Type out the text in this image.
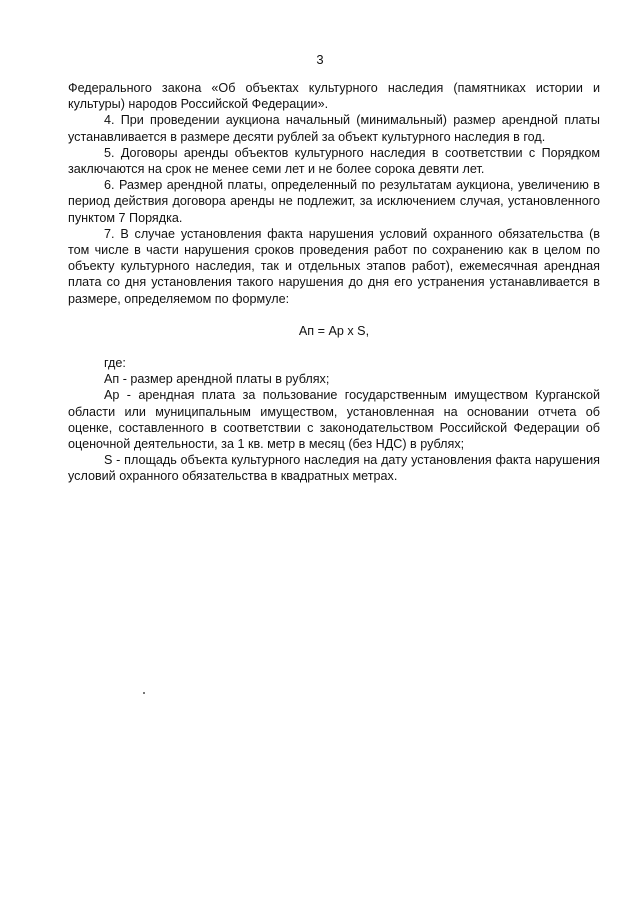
3

Федерального закона «Об объектах культурного наследия (памятниках истории и культуры) народов Российской Федерации».

4. При проведении аукциона начальный (минимальный) размер арендной платы устанавливается в размере десяти рублей за объект культурного наследия в год.

5. Договоры аренды объектов культурного наследия в соответствии с Порядком заключаются на срок не менее семи лет и не более сорока девяти лет.

6. Размер арендной платы, определенный по результатам аукциона, увеличению в период действия договора аренды не подлежит, за исключением случая, установленного пунктом 7 Порядка.

7. В случае установления факта нарушения условий охранного обязательства (в том числе в части нарушения сроков проведения работ по сохранению как в целом по объекту культурного наследия, так и отдельных этапов работ), ежемесячная арендная плата со дня установления такого нарушения до дня его устранения устанавливается в размере, определяемом по формуле:

Ап = Ар х S,

где:

Ап - размер арендной платы в рублях;

Ар - арендная плата за пользование государственным имуществом Курганской области или муниципальным имуществом, установленная на основании отчета об оценке, составленного в соответствии с законодательством Российской Федерации об оценочной деятельности, за 1 кв. метр в месяц (без НДС) в рублях;

S - площадь объекта культурного наследия на дату установления факта нарушения условий охранного обязательства в квадратных метрах.
